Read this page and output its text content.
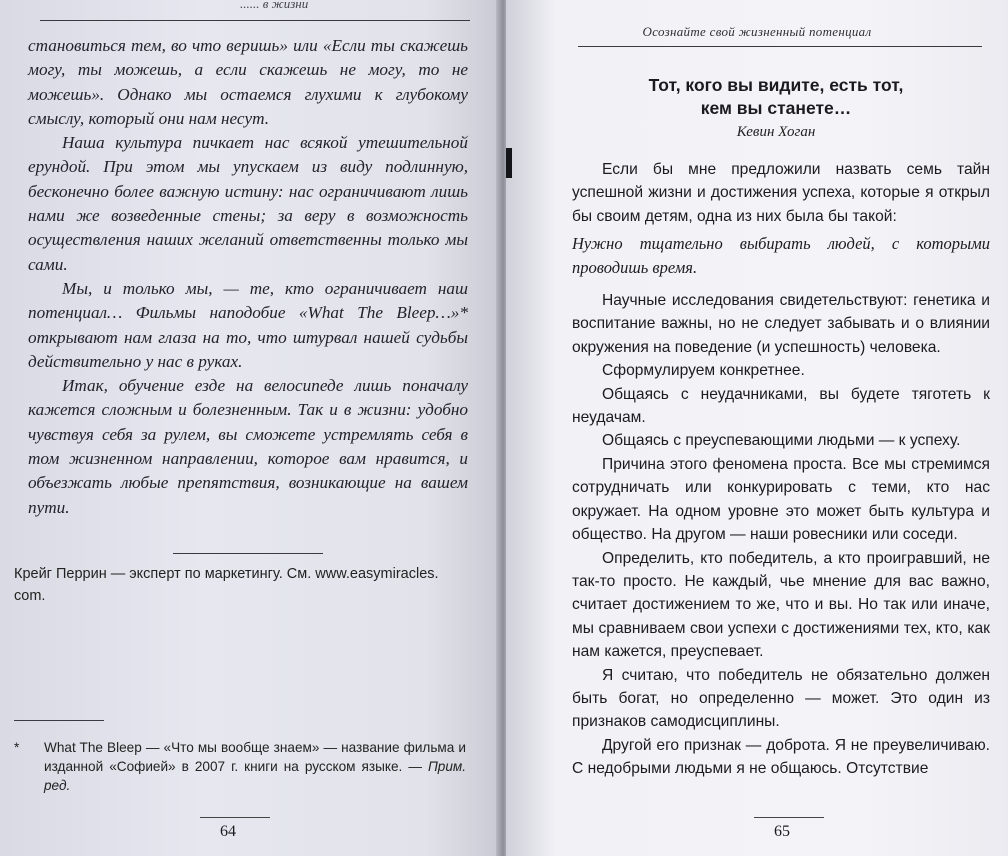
...... в жизни

становиться тем, во что веришь» или «Если ты скажешь могу, ты можешь, а если скажешь не могу, то не можешь». Однако мы остаемся глухими к глубокому смыслу, который они нам несут.

Наша культура пичкает нас всякой утешительной ерундой. При этом мы упускаем из виду подлинную, бесконечно более важную истину: нас ограничивают лишь нами же возведенные стены; за веру в возможность осуществления наших желаний ответственны только мы сами.

Мы, и только мы, — те, кто ограничивает наш потенциал… Фильмы наподобие «What The Bleep…»* открывают нам глаза на то, что штурвал нашей судьбы действительно у нас в руках.

Итак, обучение езде на велосипеде лишь поначалу кажется сложным и болезненным. Так и в жизни: удобно чувствуя себя за рулем, вы сможете устремлять себя в том жизненном направлении, которое вам нравится, и объезжать любые препятствия, возникающие на вашем пути.

Крейг Перрин — эксперт по маркетингу. См. www.easymiracles. com.
*	What The Bleep — «Что мы вообще знаем» — название фильма и изданной «Софией» в 2007 г. книги на русском языке. — Прим. ред.
64
Осознайте свой жизненный потенциал
Тот, кого вы видите, есть тот,
кем вы станете…
Кевин Хоган

Если бы мне предложили назвать семь тайн успешной жизни и достижения успеха, которые я открыл бы своим детям, одна из них была бы такой:

Нужно тщательно выбирать людей, с которыми проводишь время.

Научные исследования свидетельствуют: генетика и воспитание важны, но не следует забывать и о влиянии окружения на поведение (и успешность) человека.

Сформулируем конкретнее.

Общаясь с неудачниками, вы будете тяготеть к неудачам.

Общаясь с преуспевающими людьми — к успеху.

Причина этого феномена проста. Все мы стремимся сотрудничать или конкурировать с теми, кто нас окружает. На одном уровне это может быть культура и общество. На другом — наши ровесники или соседи.

Определить, кто победитель, а кто проигравший, не так-то просто. Не каждый, чье мнение для вас важно, считает достижением то же, что и вы. Но так или иначе, мы сравниваем свои успехи с достижениями тех, кто, как нам кажется, преуспевает.

Я считаю, что победитель не обязательно должен быть богат, но определенно — может. Это один из признаков самодисциплины.

Другой его признак — доброта. Я не преувеличиваю. С недобрыми людьми я не общаюсь. Отсутствие

65
